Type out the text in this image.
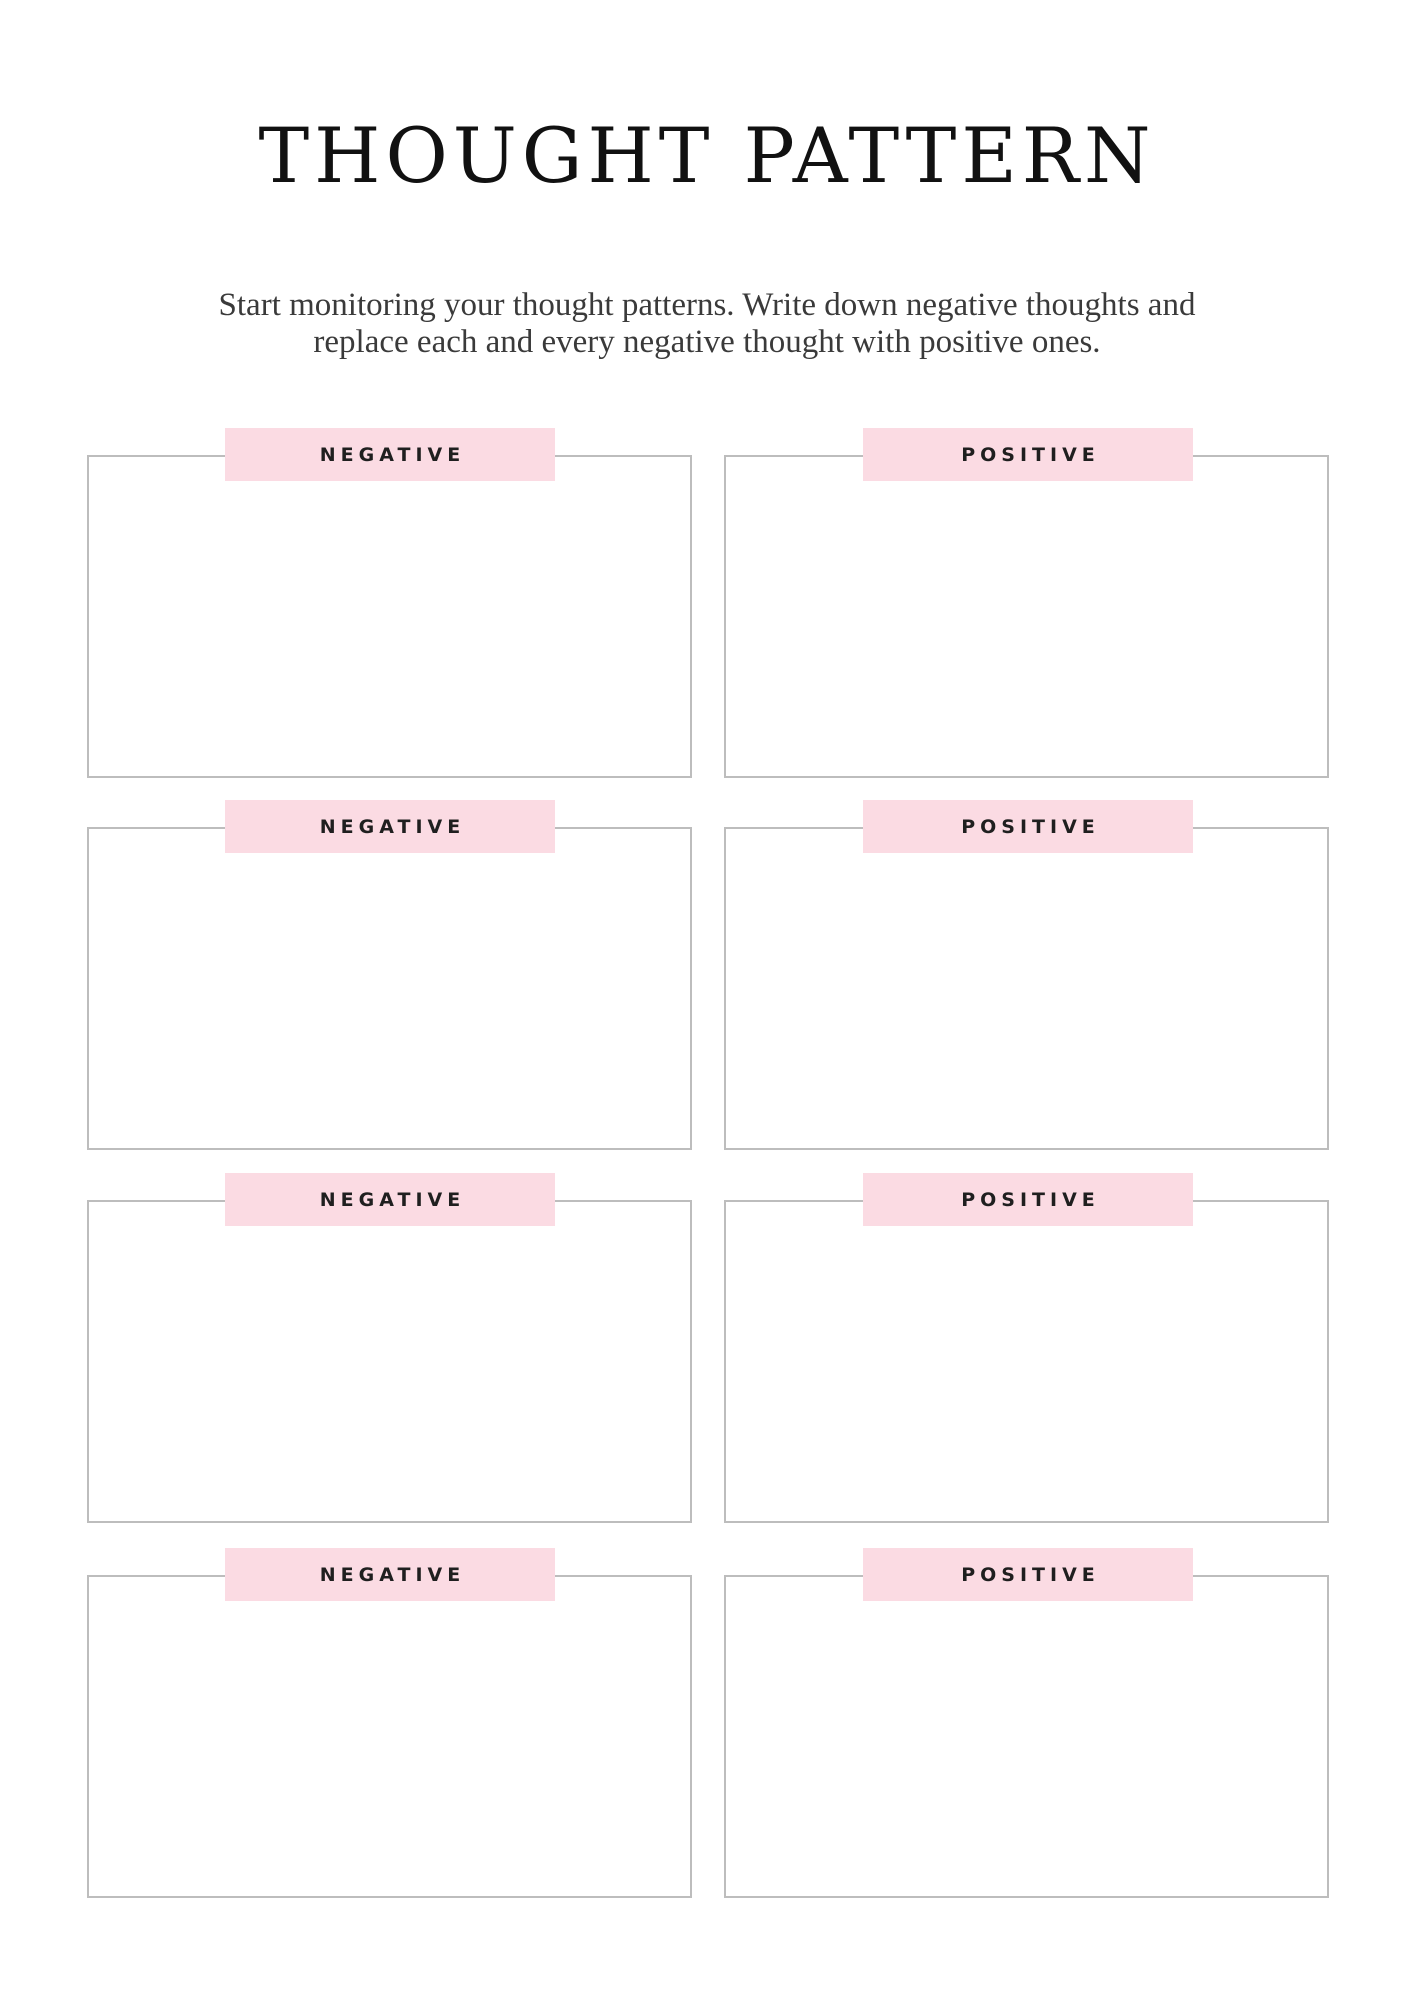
THOUGHT PATTERN
Start monitoring your thought patterns. Write down negative thoughts and
replace each and every negative thought with positive ones.
NEGATIVE	POSITIVE
NEGATIVE	POSITIVE
NEGATIVE	POSITIVE
NEGATIVE	POSITIVE
